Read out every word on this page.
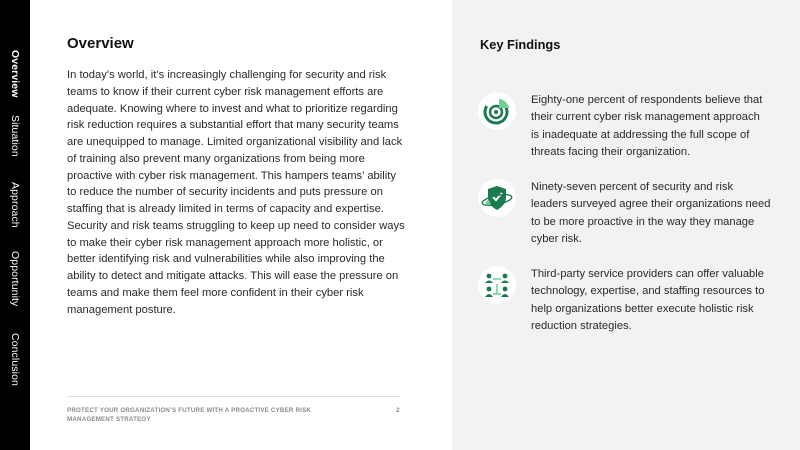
Overview
Situation
Approach
Opportunity
Conclusion
Overview

In today’s world, it’s increasingly challenging for security and risk teams to know if their current cyber risk management efforts are adequate. Knowing where to invest and what to prioritize regarding risk reduction requires a substantial effort that many security teams are unequipped to manage. Limited organizational visibility and lack of training also prevent many organizations from being more proactive with cyber risk management. This hampers teams’ ability to reduce the number of security incidents and puts pressure on staffing that is already limited in terms of capacity and expertise. Security and risk teams struggling to keep up need to consider ways to make their cyber risk management approach more holistic, or better identifying risk and vulnerabilities while also improving the ability to detect and mitigate attacks. This will ease the pressure on teams and make them feel more confident in their cyber risk management posture.

PROTECT YOUR ORGANIZATION’S FUTURE WITH A PROACTIVE CYBER RISK MANAGEMENT STRATEGY
2
Key Findings
Eighty-one percent of respondents believe that their current cyber risk management approach is inadequate at addressing the full scope of threats facing their organization.
Ninety-seven percent of security and risk leaders surveyed agree their organizations need to be more proactive in the way they manage cyber risk.
Third-party service providers can offer valuable technology, expertise, and staffing resources to help organizations better execute holistic risk reduction strategies.
